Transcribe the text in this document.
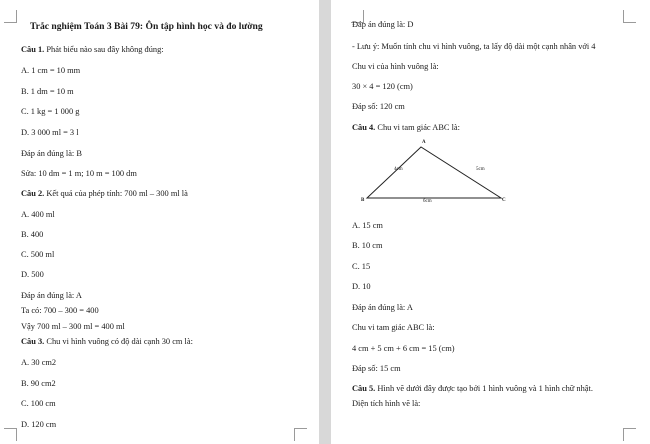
Trắc nghiệm Toán 3 Bài 79: Ôn tập hình học và đo lường
Câu 1. Phát biểu nào sau đây không đúng:
A. 1 cm = 10 mm
B. 1 dm = 10 m
C. 1 kg = 1 000 g
D. 3 000 ml = 3 l
Đáp án đúng là: B
Sửa: 10 dm = 1 m; 10 m = 100 dm
Câu 2. Kết quả của phép tính: 700 ml – 300 ml là
A. 400 ml
B. 400
C. 500 ml
D. 500
Đáp án đúng là: A
Ta có: 700 – 300 = 400
Vậy 700 ml – 300 ml = 400 ml
Câu 3. Chu vi hình vuông có độ dài cạnh 30 cm là:
A. 30 cm2
B. 90 cm2
C. 100 cm
D. 120 cm
Đáp án đúng là: D
- Lưu ý: Muốn tính chu vi hình vuông, ta lấy độ dài một cạnh nhân với 4
Chu vi của hình vuông là:
30 × 4 = 120 (cm)
Đáp số: 120 cm
Câu 4. Chu vi tam giác ABC là:
A
B	C
4cm	5cm
6cm
A. 15 cm
B. 10 cm
C. 15
D. 10
Đáp án đúng là: A
Chu vi tam giác ABC là:
4 cm + 5 cm + 6 cm = 15 (cm)
Đáp số: 15 cm
Câu 5. Hình vẽ dưới đây được tạo bởi 1 hình vuông và 1 hình chữ nhật.
Diện tích hình vẽ là:
